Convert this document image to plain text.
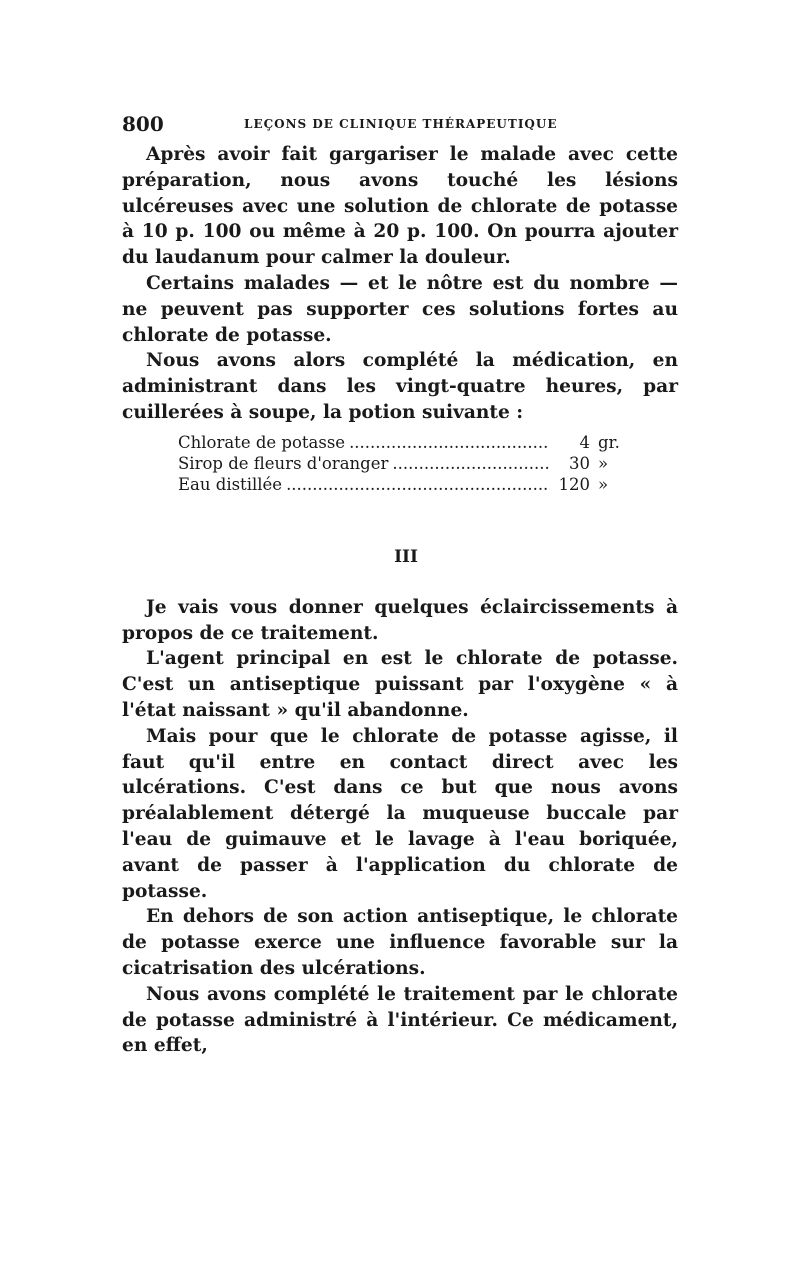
800	LEÇONS DE CLINIQUE THÉRAPEUTIQUE

Après avoir fait gargariser le malade avec cette préparation, nous avons touché les lésions ulcéreuses avec une solution de chlorate de potasse à 10 p. 100 ou même à 20 p. 100. On pourra ajouter du laudanum pour calmer la douleur.

Certains malades — et le nôtre est du nombre — ne peuvent pas supporter ces solutions fortes au chlorate de potasse.

Nous avons alors complété la médication, en administrant dans les vingt-quatre heures, par cuillerées à soupe, la potion suivante :

Chlorate de potasse .....	4 gr.
Sirop de fleurs d'oranger .....	30 »
Eau distillée .....	120 »
III

Je vais vous donner quelques éclaircissements à propos de ce traitement.

L'agent principal en est le chlorate de potasse. C'est un antiseptique puissant par l'oxygène « à l'état naissant » qu'il abandonne.

Mais pour que le chlorate de potasse agisse, il faut qu'il entre en contact direct avec les ulcérations. C'est dans ce but que nous avons préalablement détergé la muqueuse buccale par l'eau de guimauve et le lavage à l'eau boriquée, avant de passer à l'application du chlorate de potasse.

En dehors de son action antiseptique, le chlorate de potasse exerce une influence favorable sur la cicatrisation des ulcérations.

Nous avons complété le traitement par le chlorate de potasse administré à l'intérieur. Ce médicament, en effet,
